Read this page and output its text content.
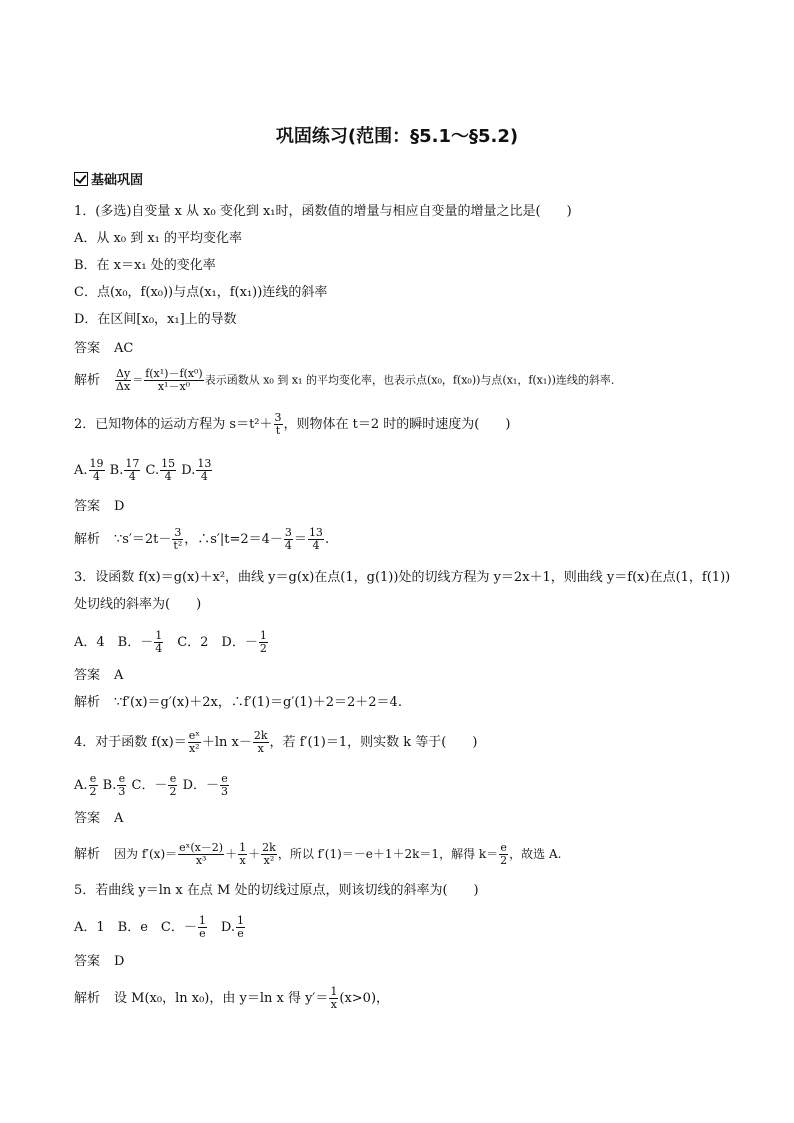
巩固练习(范围：§5.1～§5.2)
基础巩固
1．(多选)自变量 x 从 x₀ 变化到 x₁时，函数值的增量与相应自变量的增量之比是(　　)
A．从 x₀ 到 x₁ 的平均变化率
B．在 x＝x₁ 处的变化率
C．点(x₀，f(x₀))与点(x₁，f(x₁))连线的斜率
D．在区间[x₀，x₁]上的导数
答案 AC
解析 $\frac{\Delta y}{\Delta x} = \frac{\text{f(x¹)－f(x⁰)}}{\text{x¹－x⁰}}$ 表示函数从 x₀ 到 x₁ 的平均变化率，也表示点(x₀，f(x₀))与点(x₁，f(x₁))连线的斜率．
2．已知物体的运动方程为 $s=t^2+ \frac{3}{t}$ ，则物体在 t＝2 时的瞬时速度为(　　)
A. $\frac{19}{4} B$. $\frac{17}{4} C$. $\frac{15}{4} D$. $\frac{13}{4}$
答案 D
解析 ∵s′＝2t－ $\frac{3}{\text{t²}}$ ，∴s′|t=2＝4－ $\frac{3}{4} = \frac{13}{4}$ .
3．设函数 f(x)＝g(x)＋x²，曲线 y＝g(x)在点(1，g(1))处的切线方程为 y＝2x＋1，则曲线 y＝f(x)在点(1，f(1))
处切线的斜率为(　　)
A．4　B．－ $\frac{1}{4}$ 　C．2　D．－ $\frac{1}{2}$
答案 A
解析 ∵f′(x)＝g′(x)＋2x，∴f′(1)＝g′(1)＋2＝2＋2＝4.
4．对于函数 $f(x)= \frac{\text{eˣ}}{\text{x²}} +\ln$ $x- \frac{2k}{x}$ ，若 f′(1)＝1，则实数 k 等于(　　)
A. $\frac{e}{2} B$. $\frac{e}{3}$ C．－ $\frac{e}{2}$ D．－ $\frac{e}{3}$
答案 A
解析 因为 $f'(x)= \frac{\text{eˣ(x－2)}}{\text{x³}} + \frac{1}{x} + \frac{2k}{\text{x²}}$ ，所以 f′(1)＝－e＋1＋2k＝1，解得 $k= \frac{e}{2}$ ，故选 A.
5．若曲线 y＝ln x 在点 M 处的切线过原点，则该切线的斜率为(　　)
A．1　B．e　C．－ $\frac{1}{e}$ 　D. $\frac{1}{e}$
答案 D
解析 设 M(x₀，ln x₀)，由 y＝ln x 得 $y'= \frac{1}{x} (x>0)$，
